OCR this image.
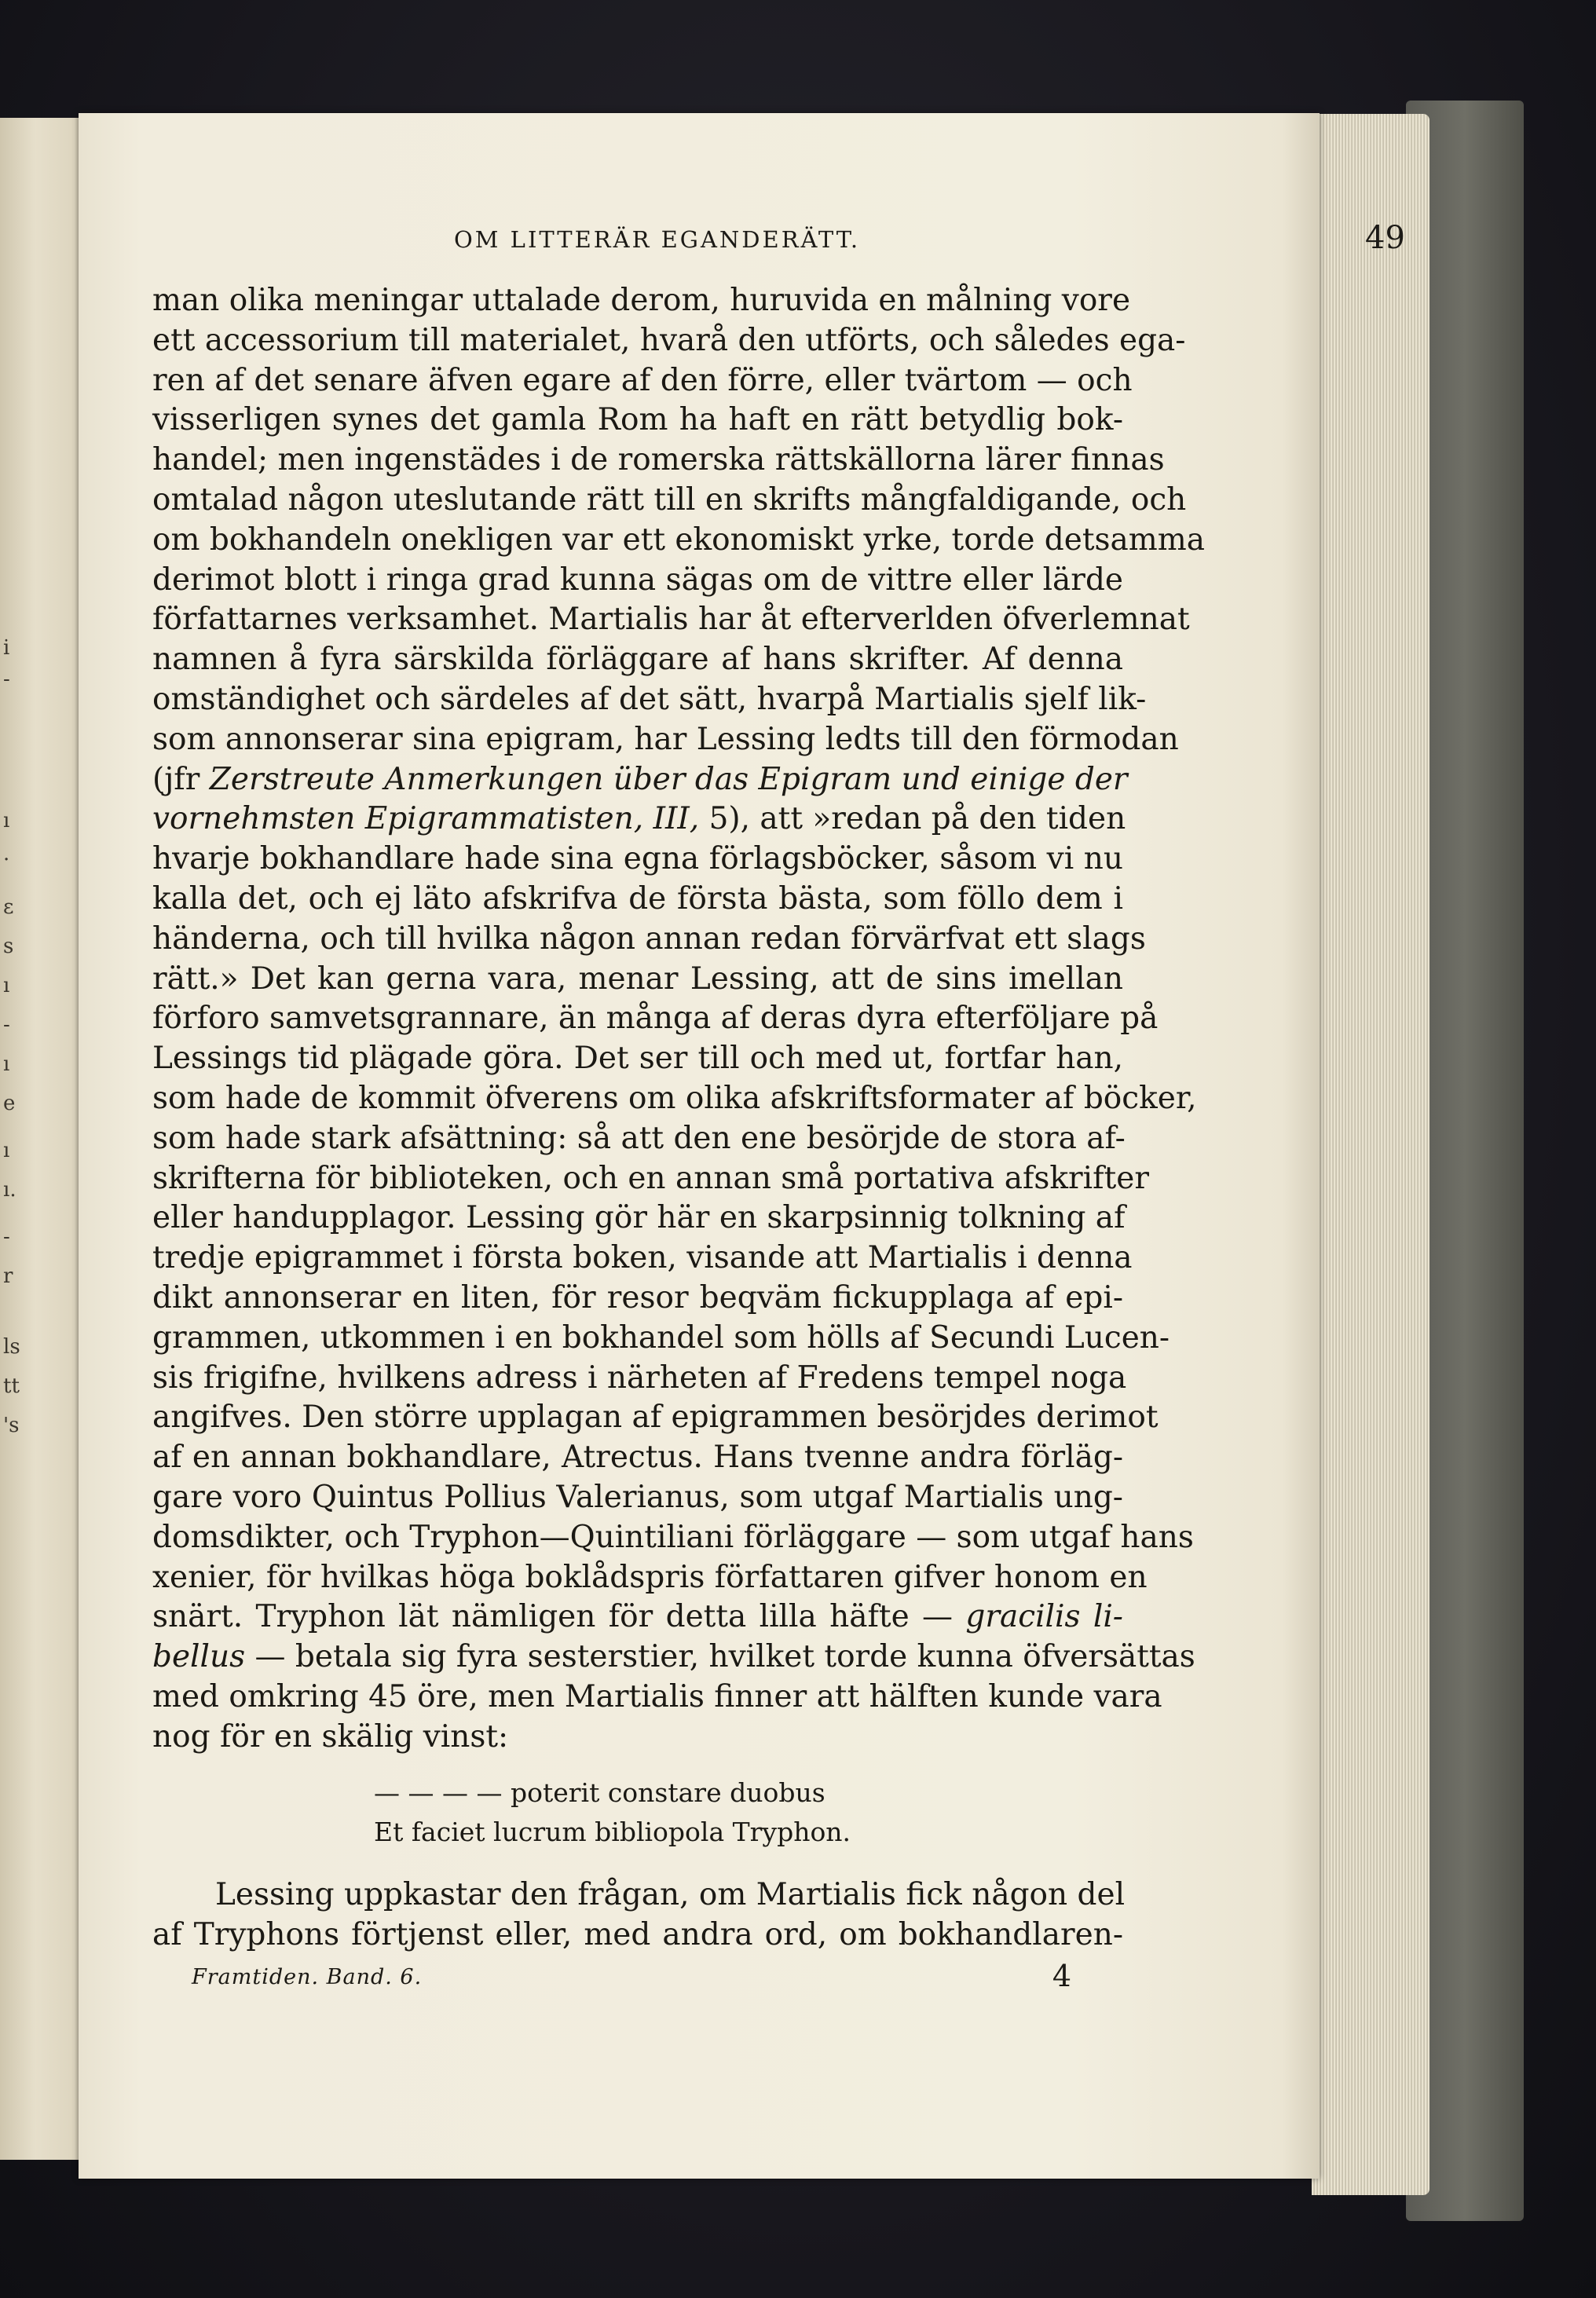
i
-
ı
·
ε
s
ı
-
ı
e
ı
ı.
-
r
ls
tt
's
OM LITTERÄR EGANDERÄTT.	49
man olika meningar uttalade derom, huruvida en målning vore
ett accessorium till materialet, hvarå den utförts, och således ega-
ren af det senare äfven egare af den förre, eller tvärtom — och
visserligen synes det gamla Rom ha haft en rätt betydlig bok-
handel; men ingenstädes i de romerska rättskällorna lärer finnas
omtalad någon uteslutande rätt till en skrifts mångfaldigande, och
om bokhandeln onekligen var ett ekonomiskt yrke, torde detsamma
derimot blott i ringa grad kunna sägas om de vittre eller lärde
författarnes verksamhet. Martialis har åt efterverlden öfverlemnat
namnen å fyra särskilda förläggare af hans skrifter. Af denna
omständighet och särdeles af det sätt, hvarpå Martialis sjelf lik-
som annonserar sina epigram, har Lessing ledts till den förmodan
(jfr Zerstreute Anmerkungen über das Epigram und einige der
vornehmsten Epigrammatisten, III, 5), att »redan på den tiden
hvarje bokhandlare hade sina egna förlagsböcker, såsom vi nu
kalla det, och ej läto afskrifva de första bästa, som föllo dem i
händerna, och till hvilka någon annan redan förvärfvat ett slags
rätt.» Det kan gerna vara, menar Lessing, att de sins imellan
förforo samvetsgrannare, än många af deras dyra efterföljare på
Lessings tid plägade göra. Det ser till och med ut, fortfar han,
som hade de kommit öfverens om olika afskriftsformater af böcker,
som hade stark afsättning: så att den ene besörjde de stora af-
skrifterna för biblioteken, och en annan små portativa afskrifter
eller handupplagor. Lessing gör här en skarpsinnig tolkning af
tredje epigrammet i första boken, visande att Martialis i denna
dikt annonserar en liten, för resor beqväm fickupplaga af epi-
grammen, utkommen i en bokhandel som hölls af Secundi Lucen-
sis frigifne, hvilkens adress i närheten af Fredens tempel noga
angifves. Den större upplagan af epigrammen besörjdes derimot
af en annan bokhandlare, Atrectus. Hans tvenne andra förläg-
gare voro Quintus Pollius Valerianus, som utgaf Martialis ung-
domsdikter, och Tryphon—Quintiliani förläggare — som utgaf hans
xenier, för hvilkas höga boklådspris författaren gifver honom en
snärt. Tryphon lät nämligen för detta lilla häfte — gracilis li-
bellus — betala sig fyra sesterstier, hvilket torde kunna öfversättas
med omkring 45 öre, men Martialis finner att hälften kunde vara
nog för en skälig vinst:
— — — — poterit constare duobus
Et faciet lucrum bibliopola Tryphon.
Lessing uppkastar den frågan, om Martialis fick någon del
af Tryphons förtjenst eller, med andra ord, om bokhandlaren-
Framtiden. Band. 6.	4
